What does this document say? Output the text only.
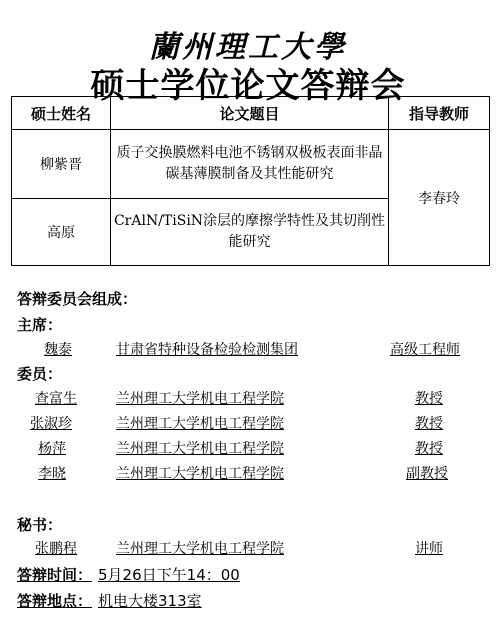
蘭州理工大學
硕士学位论文答辩会
硕士姓名	论文题目	指导教师
柳紫晋	质子交换膜燃料电池不锈钢双极板表面非晶碳基薄膜制备及其性能研究	李春玲
高原	CrAlN/TiSiN涂层的摩擦学特性及其切削性能研究	
答辩委员会组成：
主席：
魏泰	甘肃省特种设备检验检测集团	高级工程师
委员：
查富生	兰州理工大学机电工程学院	教授
张淑珍	兰州理工大学机电工程学院	教授
杨萍	兰州理工大学机电工程学院	教授
李晓	兰州理工大学机电工程学院	副教授
秘书：
张鹏程	兰州理工大学机电工程学院	讲师
答辩时间： 5月26日下午14：00
答辩地点： 机电大楼313室
